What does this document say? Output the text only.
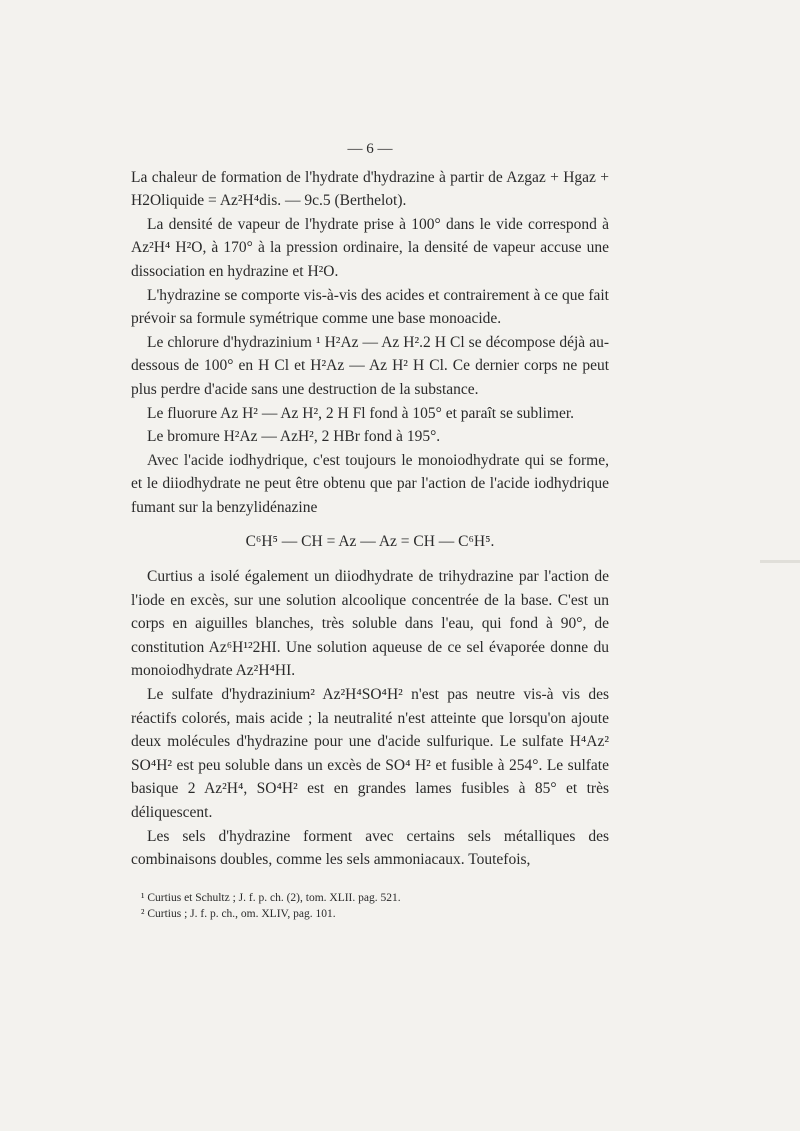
— 6 —

La chaleur de formation de l'hydrate d'hydrazine à partir de Azgaz + Hgaz + H2Oliquide = Az²H⁴dis. — 9c.5 (Berthelot).

La densité de vapeur de l'hydrate prise à 100° dans le vide correspond à Az²H⁴ H²O, à 170° à la pression ordinaire, la densité de vapeur accuse une dissociation en hydrazine et H²O.

L'hydrazine se comporte vis-à-vis des acides et contrairement à ce que fait prévoir sa formule symétrique comme une base monoacide.

Le chlorure d'hydrazinium ¹ H²Az — Az H².2 H Cl se décompose déjà au-dessous de 100° en H Cl et H²Az — Az H² H Cl. Ce dernier corps ne peut plus perdre d'acide sans une destruction de la substance.

Le fluorure Az H² — Az H², 2 H Fl fond à 105° et paraît se sublimer.

Le bromure H²Az — AzH², 2 HBr fond à 195°.

Avec l'acide iodhydrique, c'est toujours le monoiodhydrate qui se forme, et le diiodhydrate ne peut être obtenu que par l'action de l'acide iodhydrique fumant sur la benzylidénazine

C⁶H⁵ — CH = Az — Az = CH — C⁶H⁵.

Curtius a isolé également un diiodhydrate de trihydrazine par l'action de l'iode en excès, sur une solution alcoolique concentrée de la base. C'est un corps en aiguilles blanches, très soluble dans l'eau, qui fond à 90°, de constitution Az⁶H¹²2HI. Une solution aqueuse de ce sel évaporée donne du monoiodhydrate Az²H⁴HI.

Le sulfate d'hydrazinium² Az²H⁴SO⁴H² n'est pas neutre vis-à vis des réactifs colorés, mais acide ; la neutralité n'est atteinte que lorsqu'on ajoute deux molécules d'hydrazine pour une d'acide sulfurique. Le sulfate H⁴Az² SO⁴H² est peu soluble dans un excès de SO⁴ H² et fusible à 254°. Le sulfate basique 2 Az²H⁴, SO⁴H² est en grandes lames fusibles à 85° et très déliquescent.

Les sels d'hydrazine forment avec certains sels métalliques des combinaisons doubles, comme les sels ammoniacaux. Toutefois,

¹ Curtius et Schultz ; J. f. p. ch. (2), tom. XLII. pag. 521.
² Curtius ; J. f. p. ch., om. XLIV, pag. 101.
